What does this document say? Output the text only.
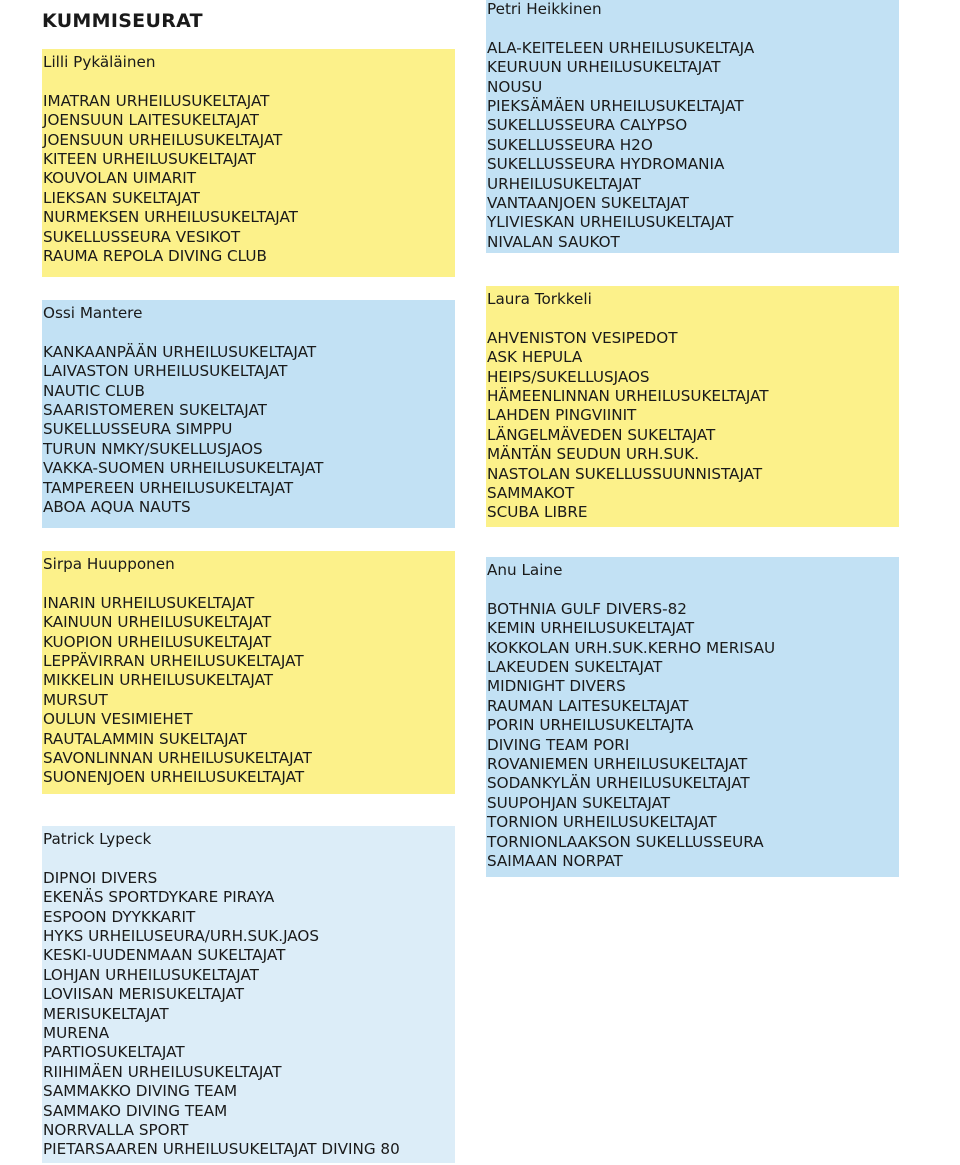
KUMMISEURAT

Lilli Pykäläinen

IMATRAN URHEILUSUKELTAJAT
JOENSUUN LAITESUKELTAJAT
JOENSUUN URHEILUSUKELTAJAT
KITEEN URHEILUSUKELTAJAT
KOUVOLAN UIMARIT
LIEKSAN SUKELTAJAT
NURMEKSEN URHEILUSUKELTAJAT
SUKELLUSSEURA VESIKOT
RAUMA REPOLA DIVING CLUB

Ossi Mantere

KANKAANPÄÄN URHEILUSUKELTAJAT
LAIVASTON URHEILUSUKELTAJAT
NAUTIC CLUB
SAARISTOMEREN SUKELTAJAT
SUKELLUSSEURA SIMPPU
TURUN NMKY/SUKELLUSJAOS
VAKKA-SUOMEN URHEILUSUKELTAJAT
TAMPEREEN URHEILUSUKELTAJAT
ABOA AQUA NAUTS

Sirpa Huupponen

INARIN URHEILUSUKELTAJAT
KAINUUN URHEILUSUKELTAJAT
KUOPION URHEILUSUKELTAJAT
LEPPÄVIRRAN URHEILUSUKELTAJAT
MIKKELIN URHEILUSUKELTAJAT
MURSUT
OULUN VESIMIEHET
RAUTALAMMIN SUKELTAJAT
SAVONLINNAN URHEILUSUKELTAJAT
SUONENJOEN URHEILUSUKELTAJAT

Patrick Lypeck

DIPNOI DIVERS
EKENÄS SPORTDYKARE PIRAYA
ESPOON DYYKKARIT
HYKS URHEILUSEURA/URH.SUK.JAOS
KESKI-UUDENMAAN SUKELTAJAT
LOHJAN URHEILUSUKELTAJAT
LOVIISAN MERISUKELTAJAT
MERISUKELTAJAT
MURENA
PARTIOSUKELTAJAT
RIIHIMÄEN URHEILUSUKELTAJAT
SAMMAKKO DIVING TEAM
SAMMAKO DIVING TEAM
NORRVALLA SPORT
PIETARSAAREN URHEILUSUKELTAJAT DIVING 80

Petri Heikkinen

ALA-KEITELEEN URHEILUSUKELTAJA
KEURUUN URHEILUSUKELTAJAT
NOUSU
PIEKSÄMÄEN URHEILUSUKELTAJAT
SUKELLUSSEURA CALYPSO
SUKELLUSSEURA H2O
SUKELLUSSEURA HYDROMANIA
URHEILUSUKELTAJAT
VANTAANJOEN SUKELTAJAT
YLIVIESKAN URHEILUSUKELTAJAT
NIVALAN SAUKOT

Laura Torkkeli

AHVENISTON VESIPEDOT
ASK HEPULA
HEIPS/SUKELLUSJAOS
HÄMEENLINNAN URHEILUSUKELTAJAT
LAHDEN PINGVIINIT
LÄNGELMÄVEDEN SUKELTAJAT
MÄNTÄN SEUDUN URH.SUK.
NASTOLAN SUKELLUSSUUNNISTAJAT
SAMMAKOT
SCUBA LIBRE

Anu Laine

BOTHNIA GULF DIVERS-82
KEMIN URHEILUSUKELTAJAT
KOKKOLAN URH.SUK.KERHO MERISAU
LAKEUDEN SUKELTAJAT
MIDNIGHT DIVERS
RAUMAN LAITESUKELTAJAT
PORIN URHEILUSUKELTAJTA
DIVING TEAM PORI
ROVANIEMEN URHEILUSUKELTAJAT
SODANKYLÄN URHEILUSUKELTAJAT
SUUPOHJAN SUKELTAJAT
TORNION URHEILUSUKELTAJAT
TORNIONLAAKSON SUKELLUSSEURA
SAIMAAN NORPAT
